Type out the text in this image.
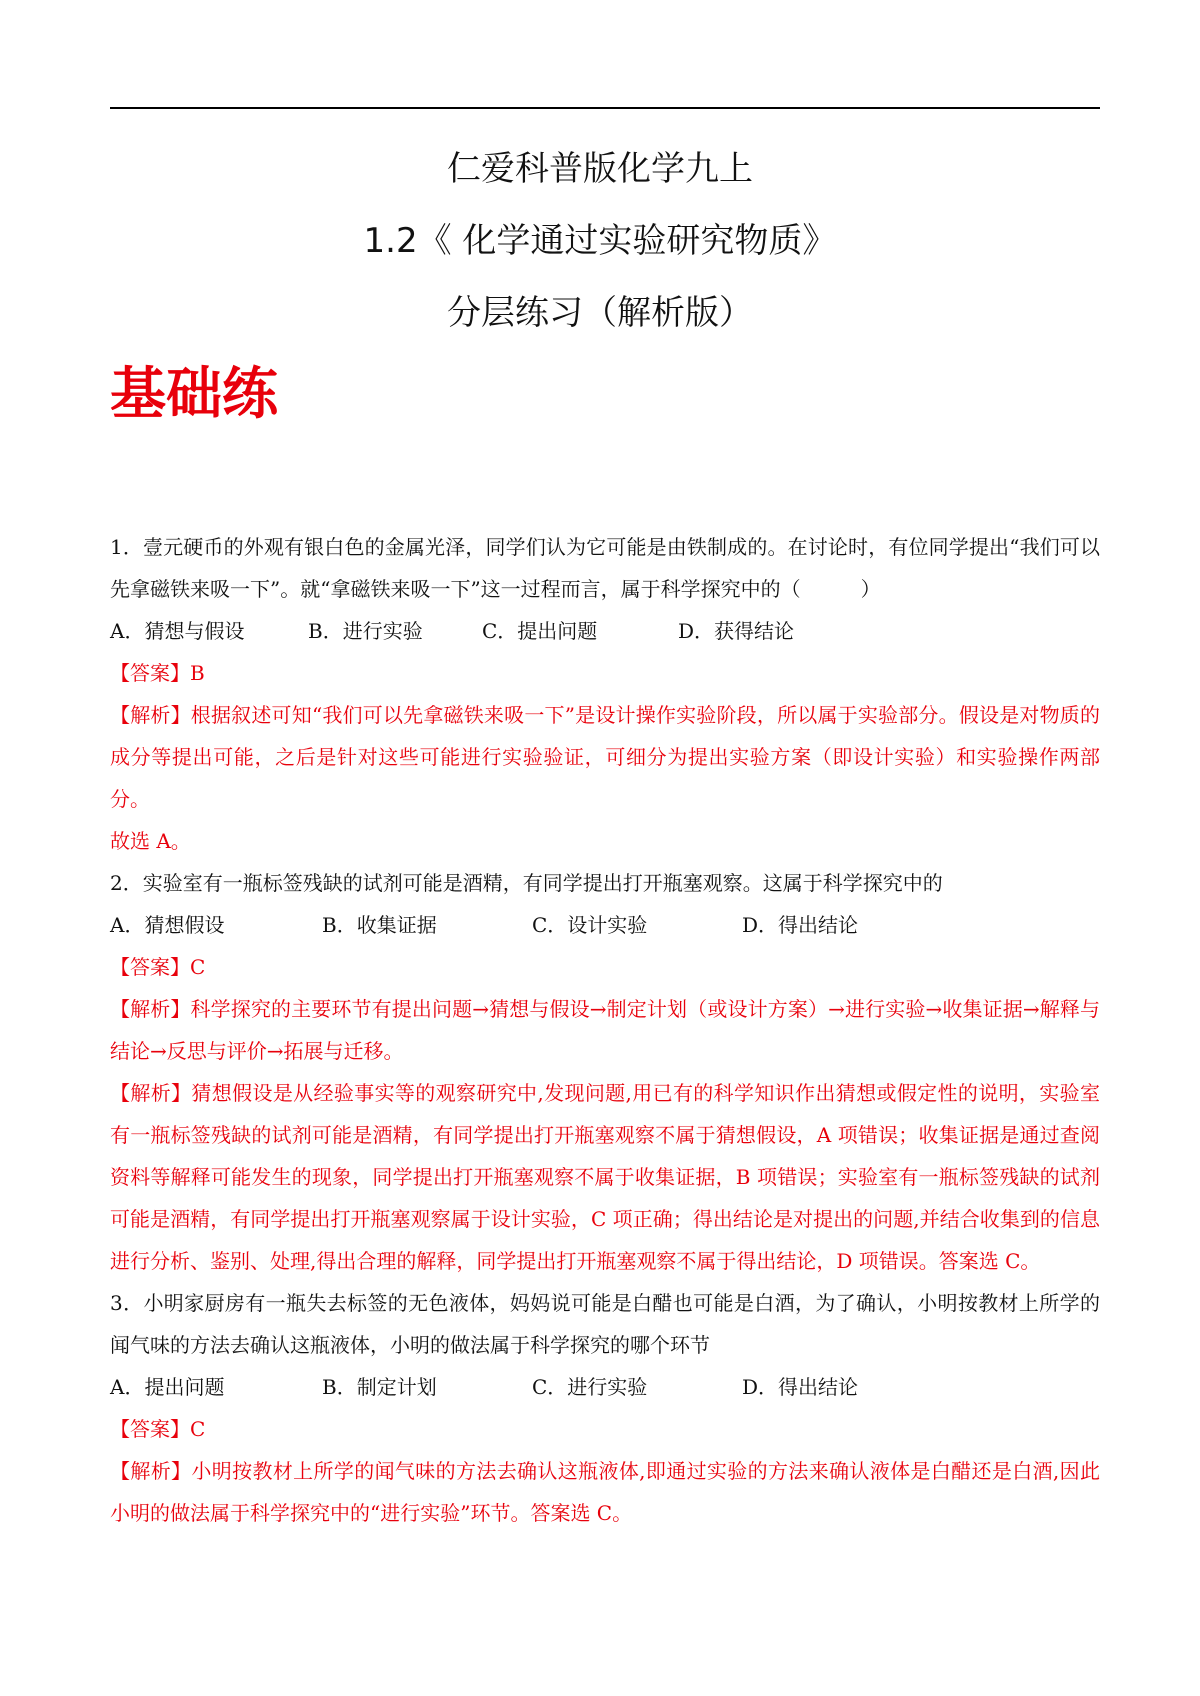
仁爱科普版化学九上
1.2《 化学通过实验研究物质》
分层练习（解析版）
基础练

1．壹元硬币的外观有银白色的金属光泽，同学们认为它可能是由铁制成的。在讨论时，有位同学提出“我们可以先拿磁铁来吸一下”。就“拿磁铁来吸一下”这一过程而言，属于科学探究中的（　　　）

A．猜想与假设	B．进行实验	C．提出问题	D．获得结论

【答案】B

【解析】根据叙述可知“我们可以先拿磁铁来吸一下”是设计操作实验阶段，所以属于实验部分。假设是对物质的成分等提出可能，之后是针对这些可能进行实验验证，可细分为提出实验方案（即设计实验）和实验操作两部分。

故选 A。

2．实验室有一瓶标签残缺的试剂可能是酒精，有同学提出打开瓶塞观察。这属于科学探究中的

A．猜想假设	B．收集证据	C．设计实验	D．得出结论

【答案】C

【解析】科学探究的主要环节有提出问题→猜想与假设→制定计划（或设计方案）→进行实验→收集证据→解释与结论→反思与评价→拓展与迁移。

【解析】猜想假设是从经验事实等的观察研究中,发现问题,用已有的科学知识作出猜想或假定性的说明，实验室有一瓶标签残缺的试剂可能是酒精，有同学提出打开瓶塞观察不属于猜想假设，A 项错误；收集证据是通过查阅资料等解释可能发生的现象，同学提出打开瓶塞观察不属于收集证据，B 项错误；实验室有一瓶标签残缺的试剂可能是酒精，有同学提出打开瓶塞观察属于设计实验，C 项正确；得出结论是对提出的问题,并结合收集到的信息进行分析、鉴别、处理,得出合理的解释，同学提出打开瓶塞观察不属于得出结论，D 项错误。答案选 C。

3．小明家厨房有一瓶失去标签的无色液体，妈妈说可能是白醋也可能是白酒，为了确认，小明按教材上所学的闻气味的方法去确认这瓶液体，小明的做法属于科学探究的哪个环节

A．提出问题	B．制定计划	C．进行实验	D．得出结论

【答案】C

【解析】小明按教材上所学的闻气味的方法去确认这瓶液体,即通过实验的方法来确认液体是白醋还是白酒,因此小明的做法属于科学探究中的“进行实验”环节。答案选 C。
